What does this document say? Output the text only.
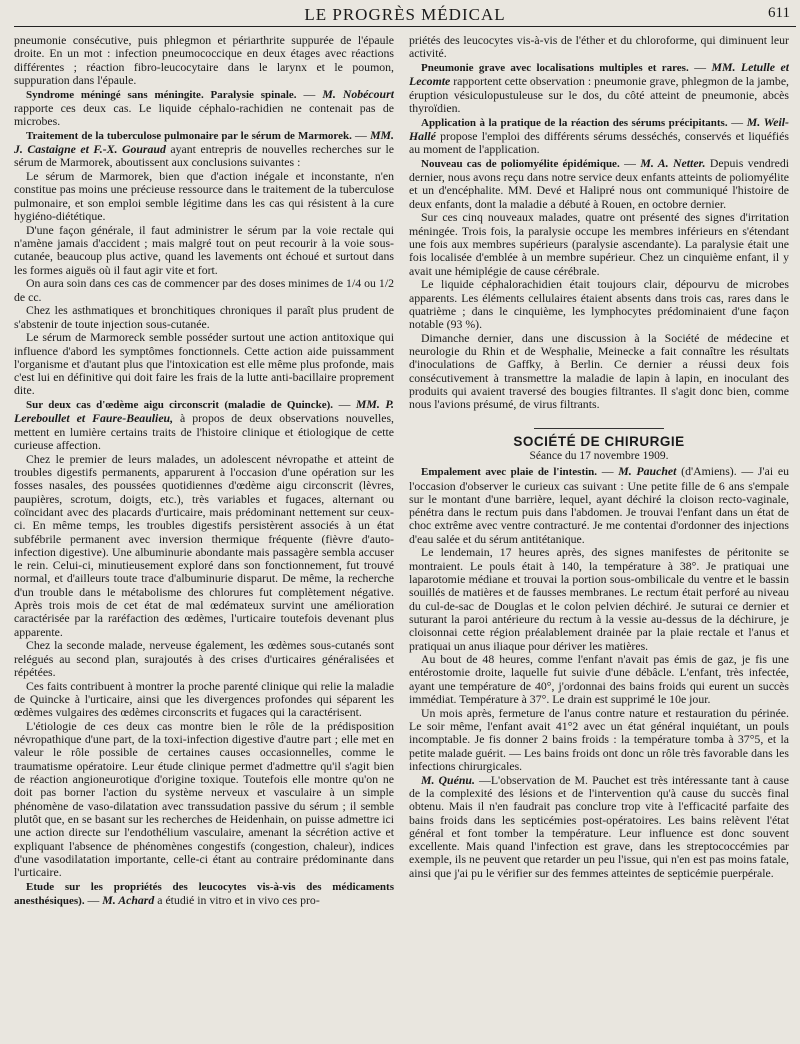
LE PROGRÈS MÉDICAL	611

pneumonie consécutive, puis phlegmon et périarthrite suppurée de l'épaule droite. En un mot : infection pneumococcique en deux étages avec réactions différentes ; réaction fibro-leucocytaire dans le larynx et le poumon, suppuration dans l'épaule.

Syndrome méningé sans méningite. Paralysie spinale. — M. Nobécourt rapporte ces deux cas. Le liquide céphalo-rachidien ne contenait pas de microbes.

Traitement de la tuberculose pulmonaire par le sérum de Marmorek. — MM. J. Castaigne et F.-X. Gouraud ayant entrepris de nouvelles recherches sur le sérum de Marmorek, aboutissent aux conclusions suivantes :

Le sérum de Marmorek, bien que d'action inégale et inconstante, n'en constitue pas moins une précieuse ressource dans le traitement de la tuberculose pulmonaire, et son emploi semble légitime dans les cas qui résistent à la cure hygiéno-diététique.

D'une façon générale, il faut administrer le sérum par la voie rectale qui n'amène jamais d'accident ; mais malgré tout on peut recourir à la voie sous-cutanée, beaucoup plus active, quand les lavements ont échoué et surtout dans les formes aiguës où il faut agir vite et fort.

On aura soin dans ces cas de commencer par des doses minimes de 1/4 ou 1/2 de cc.

Chez les asthmatiques et bronchitiques chroniques il paraît plus prudent de s'abstenir de toute injection sous-cutanée.

Le sérum de Marmoreck semble posséder surtout une action antitoxique qui influence d'abord les symptômes fonctionnels. Cette action aide puissamment l'organisme et d'autant plus que l'intoxication est elle même plus profonde, mais c'est lui en définitive qui doit faire les frais de la lutte anti-bacillaire proprement dite.

Sur deux cas d'œdème aigu circonscrit (maladie de Quincke). — MM. P. Lereboullet et Faure-Beaulieu, à propos de deux observations nouvelles, mettent en lumière certains traits de l'histoire clinique et étiologique de cette curieuse affection.

Chez le premier de leurs malades, un adolescent névropathe et atteint de troubles digestifs permanents, apparurent à l'occasion d'une opération sur les fosses nasales, des poussées quotidiennes d'œdème aigu circonscrit (lèvres, paupières, scrotum, doigts, etc.), très variables et fugaces, alternant ou coïncidant avec des placards d'urticaire, mais prédominant nettement sur ceux-ci. En même temps, les troubles digestifs persistèrent associés à un état subfébrile permanent avec inversion thermique fréquente (fièvre d'auto-infection digestive). Une albuminurie abondante mais passagère sembla accuser le rein. Celui-ci, minutieusement exploré dans son fonctionnement, fut trouvé normal, et d'ailleurs toute trace d'albuminurie disparut. De même, la recherche d'un trouble dans le métabolisme des chlorures fut complètement négative. Après trois mois de cet état de mal œdémateux survint une amélioration caractérisée par la raréfaction des œdèmes, l'urticaire toutefois devenant plus apparente.

Chez la seconde malade, nerveuse également, les œdèmes sous-cutanés sont relégués au second plan, surajoutés à des crises d'urticaires généralisées et répétées.

Ces faits contribuent à montrer la proche parenté clinique qui relie la maladie de Quincke à l'urticaire, ainsi que les divergences profondes qui séparent les œdèmes vulgaires des œdèmes circonscrits et fugaces qui la caractérisent.

L'étiologie de ces deux cas montre bien le rôle de la prédisposition névropathique d'une part, de la toxi-infection digestive d'autre part ; elle met en valeur le rôle possible de certaines causes occasionnelles, comme le traumatisme opératoire. Leur étude clinique permet d'admettre qu'il s'agit bien de réaction angioneurotique d'origine toxique. Toutefois elle montre qu'on ne doit pas borner l'action du système nerveux et vasculaire à un simple phénomène de vaso-dilatation avec transsudation passive du sérum ; il semble plutôt que, en se basant sur les recherches de Heidenhain, on puisse admettre ici une action directe sur l'endothélium vasculaire, amenant la sécrétion active et expliquant l'absence de phénomènes congestifs (congestion, chaleur), indices d'une vasodilatation importante, celle-ci étant au contraire prédominante dans l'urticaire.

Etude sur les propriétés des leucocytes vis-à-vis des médicaments anesthésiques). — M. Achard a étudié in vitro et in vivo ces pro-

priétés des leucocytes vis-à-vis de l'éther et du chloroforme, qui diminuent leur activité.

Pneumonie grave avec localisations multiples et rares. — MM. Letulle et Lecomte rapportent cette observation : pneumonie grave, phlegmon de la jambe, éruption vésiculopustuleuse sur le dos, du côté atteint de pneumonie, abcès thyroïdien.

Application à la pratique de la réaction des sérums précipitants. — M. Weil-Hallé propose l'emploi des différents sérums desséchés, conservés et liquéfiés au moment de l'application.

Nouveau cas de poliomyélite épidémique. — M. A. Netter. Depuis vendredi dernier, nous avons reçu dans notre service deux enfants atteints de poliomyélite et un d'encéphalite. MM. Devé et Halipré nous ont communiqué l'histoire de deux enfants, dont la maladie a débuté à Rouen, en octobre dernier.

Sur ces cinq nouveaux malades, quatre ont présenté des signes d'irritation méningée. Trois fois, la paralysie occupe les membres inférieurs en s'étendant une fois aux membres supérieurs (paralysie ascendante). La paralysie était une fois localisée d'emblée à un membre supérieur. Chez un cinquième enfant, il y avait une hémiplégie de cause cérébrale.

Le liquide céphalorachidien était toujours clair, dépourvu de microbes apparents. Les éléments cellulaires étaient absents dans trois cas, rares dans le quatrième ; dans le cinquième, les lymphocytes prédominaient d'une façon notable (93 %).

Dimanche dernier, dans une discussion à la Société de médecine et neurologie du Rhin et de Wesphalie, Meinecke a fait connaître les résultats d'inoculations de Gaffky, à Berlin. Ce dernier a réussi deux fois consécutivement à transmettre la maladie de lapin à lapin, en inoculant des produits qui avaient traversé des bougies filtrantes. Il s'agit donc bien, comme nous l'avions présumé, de virus filtrants.

SOCIÉTÉ DE CHIRURGIE
Séance du 17 novembre 1909.

Empalement avec plaie de l'intestin. — M. Pauchet (d'Amiens). — J'ai eu l'occasion d'observer le curieux cas suivant : Une petite fille de 6 ans s'empale sur le montant d'une barrière, lequel, ayant déchiré la cloison recto-vaginale, pénétra dans le rectum puis dans l'abdomen. Je trouvai l'enfant dans un état de choc extrême avec ventre contracturé. Je me contentai d'ordonner des injections d'eau salée et du sérum antitétanique.

Le lendemain, 17 heures après, des signes manifestes de péritonite se montraient. Le pouls était à 140, la température à 38°. Je pratiquai une laparotomie médiane et trouvai la portion sous-ombilicale du ventre et le bassin souillés de matières et de fausses membranes. Le rectum était perforé au niveau du cul-de-sac de Douglas et le colon pelvien déchiré. Je suturai ce dernier et suturant la paroi antérieure du rectum à la vessie au-dessus de la déchirure, je cloisonnai cette région préalablement drainée par la plaie rectale et l'anus et pratiquai un anus iliaque pour dériver les matières.

Au bout de 48 heures, comme l'enfant n'avait pas émis de gaz, je fis une entérostomie droite, laquelle fut suivie d'une débâcle. L'enfant, très infectée, ayant une température de 40°, j'ordonnai des bains froids qui eurent un succès immédiat. Température à 37°. Le drain est supprimé le 10e jour.

Un mois après, fermeture de l'anus contre nature et restauration du périnée. Le soir même, l'enfant avait 41°2 avec un état général inquiétant, un pouls incomptable. Je fis donner 2 bains froids : la température tomba à 37°5, et la petite malade guérit. — Les bains froids ont donc un rôle très favorable dans les infections chirurgicales.

M. Quénu. —L'observation de M. Pauchet est très intéressante tant à cause de la complexité des lésions et de l'intervention qu'à cause du succès final obtenu. Mais il n'en faudrait pas conclure trop vite à l'efficacité parfaite des bains froids dans les septicémies post-opératoires. Les bains relèvent l'état général et font tomber la température. Leur influence est donc souvent excellente. Mais quand l'infection est grave, dans les streptococcémies par exemple, ils ne peuvent que retarder un peu l'issue, qui n'en est pas moins fatale, ainsi que j'ai pu le vérifier sur des femmes atteintes de septicémie puerpérale.
